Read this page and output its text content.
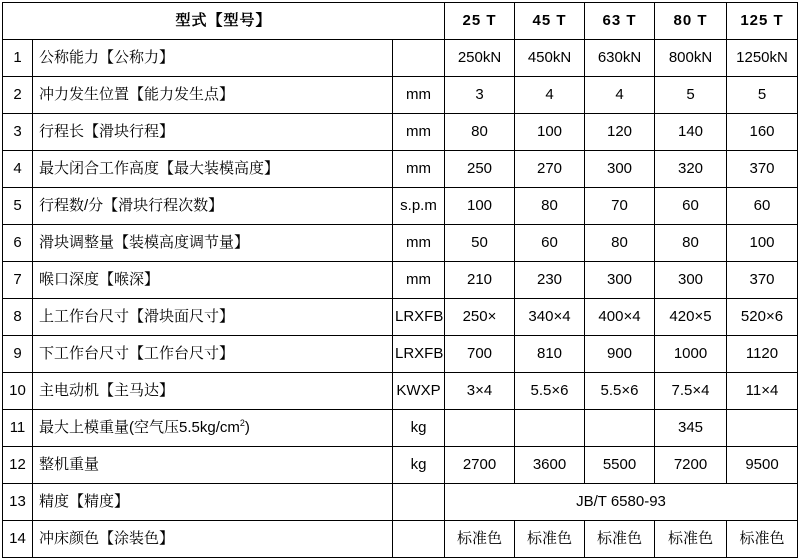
型式【型号】			25 T	45 T	63 T	80 T	125 T
1	公称能力【公称力】		250kN	450kN	630kN	800kN	1250kN
2	冲力发生位置【能力发生点】	mm	3	4	4	5	5
3	行程长【滑块行程】	mm	80	100	120	140	160
4	最大闭合工作高度【最大装模高度】	mm	250	270	300	320	370
5	行程数/分【滑块行程次数】	s.p.m	100	80	70	60	60
6	滑块调整量【装模高度调节量】	mm	50	60	80	80	100
7	喉口深度【喉深】	mm	210	230	300	300	370
8	上工作台尺寸【滑块面尺寸】	LRXFB	250×	340×4	400×4	420×5	520×6
9	下工作台尺寸【工作台尺寸】	LRXFB	700	810	900	1000	1120
10	主电动机【主马达】	KWXP	3×4	5.5×6	5.5×6	7.5×4	11×4
11	最大上模重量(空气压$5.5kg/cm^2$)	kg				345	
12	整机重量	kg	2700	3600	5500	7200	9500
13	精度【精度】		JB/T 6580-93				
14	冲床颜色【涂装色】		标准色	标准色	标准色	标准色	标准色
